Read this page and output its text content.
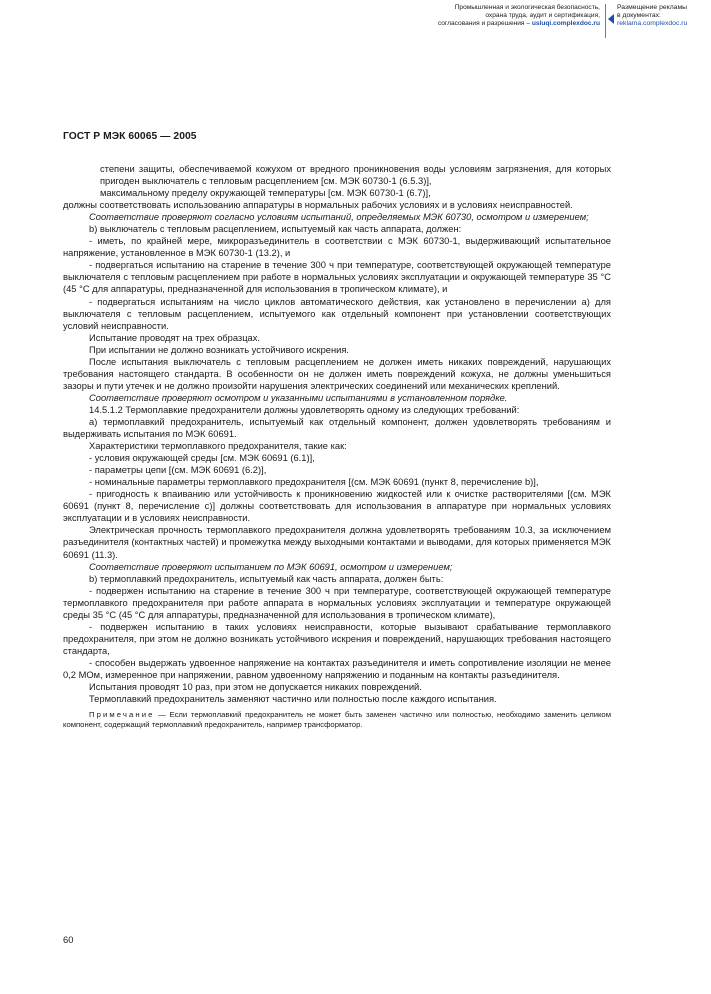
Промышленная и экологическая безопасность,
охрана труда, аудит и сертификация,
согласования и разрешения – usluqi.complexdoc.ru
Размещение рекламы
в документах:
reklama.complexdoc.ru
ГОСТ Р МЭК 60065 — 2005

степени защиты, обеспечиваемой кожухом от вредного проникновения воды условиям загрязнения, для которых пригоден выключатель с тепловым расцеплением [см. МЭК 60730-1 (6.5.3)],

максимальному пределу окружающей температуры [см. МЭК 60730-1 (6.7)],

должны соответствовать использованию аппаратуры в нормальных рабочих условиях и в условиях неисправностей.

Соответствие проверяют согласно условиям испытаний, определяемых МЭК 60730, осмотром и измерением;

b) выключатель с тепловым расцеплением, испытуемый как часть аппарата, должен:

- иметь, по крайней мере, микроразъединитель в соответствии с МЭК 60730-1, выдерживающий испытательное напряжение, установленное в МЭК 60730-1 (13.2), и

- подвергаться испытанию на старение в течение 300 ч при температуре, соответствующей окружающей температуре выключателя с тепловым расцеплением при работе в нормальных условиях эксплуатации и окружающей температуре 35 °С (45 °С для аппаратуры, предназначенной для использования в тропическом климате), и

- подвергаться испытаниям на число циклов автоматического действия, как установлено в перечислении а) для выключателя с тепловым расцеплением, испытуемого как отдельный компонент при установлении соответствующих условий неисправности.

Испытание проводят на трех образцах.

При испытании не должно возникать устойчивого искрения.

После испытания выключатель с тепловым расцеплением не должен иметь никаких повреждений, нарушающих требования настоящего стандарта. В особенности он не должен иметь повреждений кожуха, не должны уменьшиться зазоры и пути утечек и не должно произойти нарушения электрических соединений или механических креплений.

Соответствие проверяют осмотром и указанными испытаниями в установленном порядке.

14.5.1.2 Термоплавкие предохранители должны удовлетворять одному из следующих требований:

а) термоплавкий предохранитель, испытуемый как отдельный компонент, должен удовлетворять требованиям и выдерживать испытания по МЭК 60691.

Характеристики термоплавкого предохранителя, такие как:

- условия окружающей среды [см. МЭК 60691 (6.1)],

- параметры цепи [(см. МЭК 60691 (6.2)],

- номинальные параметры термоплавкого предохранителя [(см. МЭК 60691 (пункт 8, перечисление b)],

- пригодность к впаиванию или устойчивость к проникновению жидкостей или к очистке растворителями [(см. МЭК 60691 (пункт 8, перечисление с)] должны соответствовать для использования в аппаратуре при нормальных условиях эксплуатации и в условиях неисправности.

Электрическая прочность термоплавкого предохранителя должна удовлетворять требованиям 10.3, за исключением разъединителя (контактных частей) и промежутка между выходными контактами и выводами, для которых применяется МЭК 60691 (11.3).

Соответствие проверяют испытанием по МЭК 60691, осмотром и измерением;

b) термоплавкий предохранитель, испытуемый как часть аппарата, должен быть:

- подвержен испытанию на старение в течение 300 ч при температуре, соответствующей окружающей температуре термоплавкого предохранителя при работе аппарата в нормальных условиях эксплуатации и температуре окружающей среды 35 °С (45 °С для аппаратуры, предназначенной для использования в тропическом климате),

- подвержен испытанию в таких условиях неисправности, которые вызывают срабатывание термоплавкого предохранителя, при этом не должно возникать устойчивого искрения и повреждений, нарушающих требования настоящего стандарта,

- способен выдержать удвоенное напряжение на контактах разъединителя и иметь сопротивление изоляции не менее 0,2 МОм, измеренное при напряжении, равном удвоенному напряжению и поданным на контакты разъединителя.

Испытания проводят 10 раз, при этом не допускается никаких повреждений.

Термоплавкий предохранитель заменяют частично или полностью после каждого испытания.

Примечание — Если термоплавкий предохранитель не может быть заменен частично или полностью, необходимо заменить целиком компонент, содержащий термоплавкий предохранитель, например трансформатор.

60
